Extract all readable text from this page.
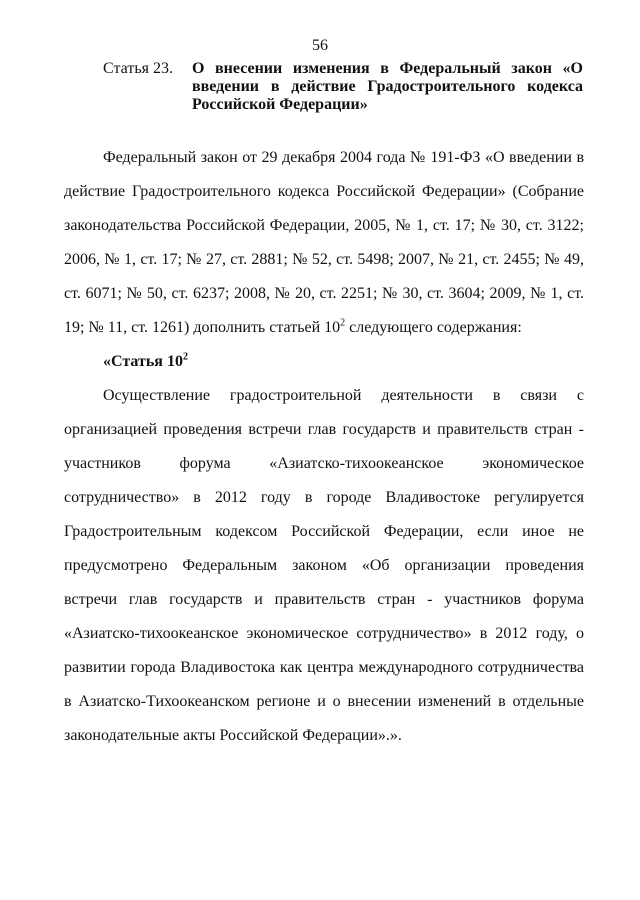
56
Статья 23. О внесении изменения в Федеральный закон «О введении в действие Градостроительного кодекса Российской Федерации»

Федеральный закон от 29 декабря 2004 года № 191-ФЗ «О введении в действие Градостроительного кодекса Российской Федерации» (Собрание законодательства Российской Федерации, 2005, № 1, ст. 17; № 30, ст. 3122; 2006, № 1, ст. 17; № 27, ст. 2881; № 52, ст. 5498; 2007, № 21, ст. 2455; № 49, ст. 6071; № 50, ст. 6237; 2008, № 20, ст. 2251; № 30, ст. 3604; 2009, № 1, ст. 19; № 11, ст. 1261) дополнить статьей $10^2$ следующего содержания:

«Статья $10^2$

Осуществление градостроительной деятельности в связи с организацией проведения встречи глав государств и правительств стран - участников форума «Азиатско-тихоокеанское экономическое сотрудничество» в 2012 году в городе Владивостоке регулируется Градостроительным кодексом Российской Федерации, если иное не предусмотрено Федеральным законом «Об организации проведения встречи глав государств и правительств стран - участников форума «Азиатско-тихоокеанское экономическое сотрудничество» в 2012 году, о развитии города Владивостока как центра международного сотрудничества в Азиатско-Тихоокеанском регионе и о внесении изменений в отдельные законодательные акты Российской Федерации».».
